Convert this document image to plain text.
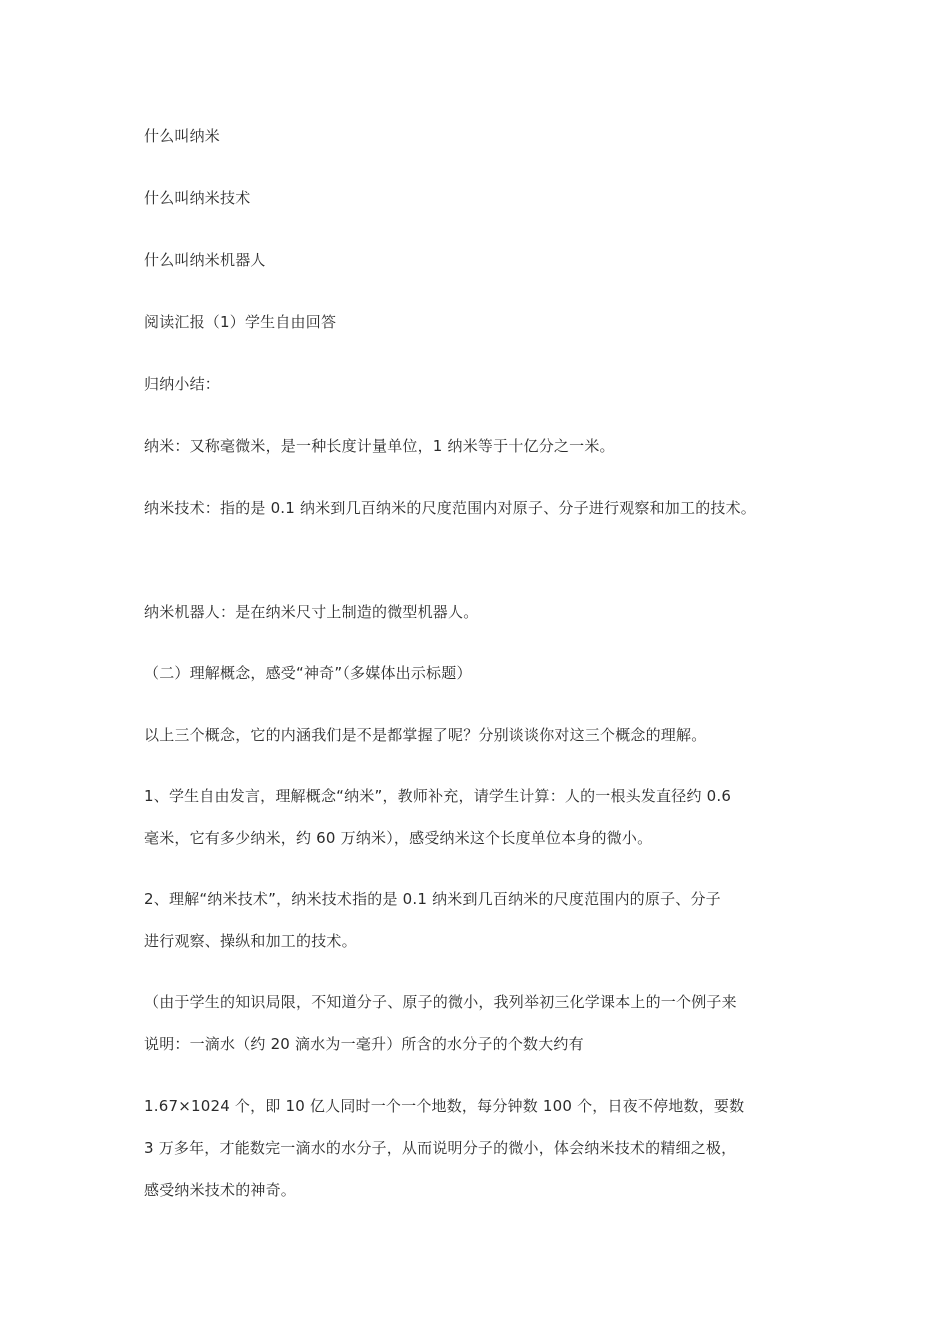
什么叫纳米
什么叫纳米技术
什么叫纳米机器人
阅读汇报（1）学生自由回答
归纳小结：
纳米：又称毫微米，是一种长度计量单位，1 纳米等于十亿分之一米。
纳米技术：指的是 0.1 纳米到几百纳米的尺度范围内对原子、分子进行观察和加工的技术。
纳米机器人：是在纳米尺寸上制造的微型机器人。
（二）理解概念，感受“神奇”（多媒体出示标题）
以上三个概念，它的内涵我们是不是都掌握了呢？分别谈谈你对这三个概念的理解。
1、学生自由发言，理解概念“纳米”，教师补充，请学生计算：人的一根头发直径约 0.6
毫米，它有多少纳米，约 60 万纳米），感受纳米这个长度单位本身的微小。
2、理解“纳米技术”，纳米技术指的是 0.1 纳米到几百纳米的尺度范围内的原子、分子
进行观察、操纵和加工的技术。
（由于学生的知识局限，不知道分子、原子的微小，我列举初三化学课本上的一个例子来
说明：一滴水（约 20 滴水为一毫升）所含的水分子的个数大约有
1.67×1024 个，即 10 亿人同时一个一个地数，每分钟数 100 个，日夜不停地数，要数
3 万多年，才能数完一滴水的水分子，从而说明分子的微小，体会纳米技术的精细之极，
感受纳米技术的神奇。
